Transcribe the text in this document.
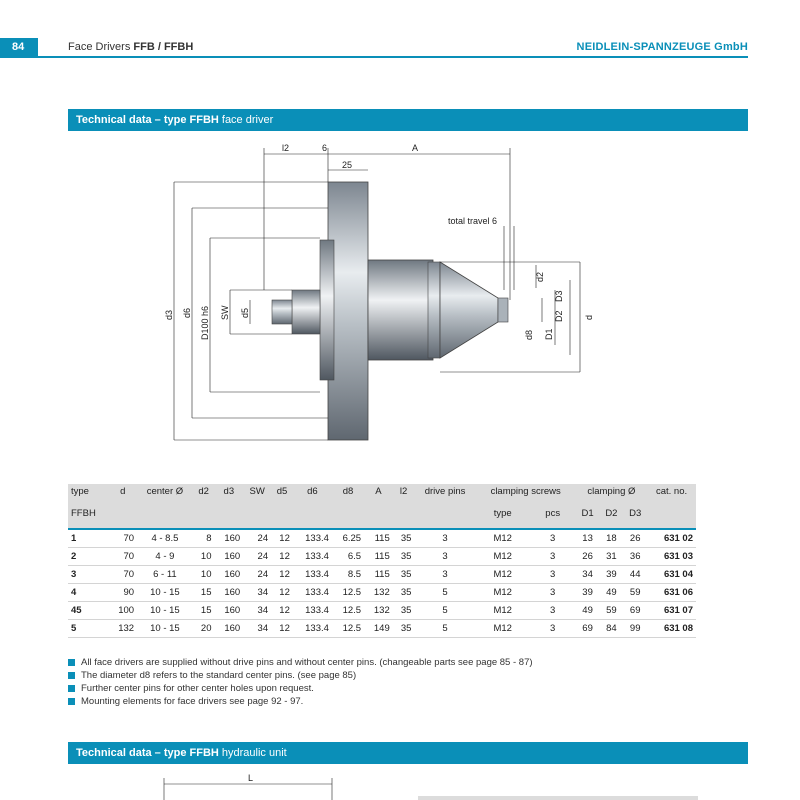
84	Face Drivers FFB / FFBH	NEIDLEIN-SPANNZEUGE GmbH
Technical data – type FFBH face driver
l2	6	A
25
total travel 6
d3 d6 D100 h6 SW d5
d2
d8 D1
D2
D3
d
type	d	center Ø	d2	d3	SW	d5	d6	d8	A	l2	drive pins	clamping screws		clamping Ø			cat. no.
FFBH												type	pcs	D1	D2	D3	
1	70	4 - 8.5	8	160	24	12	133.4	6.25	115	35	3	M12	3	13	18	26	631 02
2	70	4 - 9	10	160	24	12	133.4	6.5	115	35	3	M12	3	26	31	36	631 03
3	70	6 - 11	10	160	24	12	133.4	8.5	115	35	3	M12	3	34	39	44	631 04
4	90	10 - 15	15	160	34	12	133.4	12.5	132	35	5	M12	3	39	49	59	631 06
45	100	10 - 15	15	160	34	12	133.4	12.5	132	35	5	M12	3	49	59	69	631 07
5	132	10 - 15	20	160	34	12	133.4	12.5	149	35	5	M12	3	69	84	99	631 08
All face drivers are supplied without drive pins and without center pins. (changeable parts see page 85 - 87)
The diameter d8 refers to the standard center pins. (see page 85)
Further center pins for other center holes upon request.
Mounting elements for face drivers see page 92 - 97.
Technical data – type FFBH hydraulic unit
L
